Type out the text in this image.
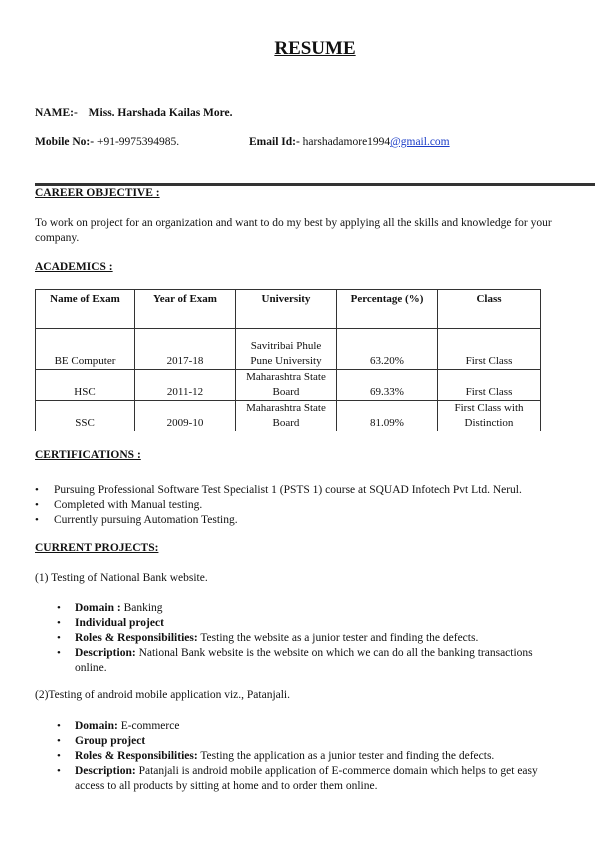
RESUME
NAME:- Miss. Harshada Kailas More.
Mobile No:- +91-9975394985.	Email Id:- harshadamore1994@gmail.com
CAREER OBJECTIVE :
To work on project for an organization and want to do my best by applying all the skills and knowledge for your company.
ACADEMICS :
Name of Exam	Year of Exam	University	Percentage (%)	Class
BE Computer	2017-18	Savitribai Phule Pune University	63.20%	First Class
HSC	2011-12	Maharashtra State Board	69.33%	First Class
SSC	2009-10	Maharashtra State Board	81.09%	First Class with Distinction
CERTIFICATIONS :
• Pursuing Professional Software Test Specialist 1 (PSTS 1) course at SQUAD Infotech Pvt Ltd. Nerul.
• Completed with Manual testing.
• Currently pursuing Automation Testing.
CURRENT PROJECTS:
(1) Testing of National Bank website.
• Domain : Banking
• Individual project
• Roles & Responsibilities: Testing the website as a junior tester and finding the defects.
• Description: National Bank website is the website on which we can do all the banking transactions online.
(2)Testing of android mobile application viz., Patanjali.
• Domain: E-commerce
• Group project
• Roles & Responsibilities: Testing the application as a junior tester and finding the defects.
• Description: Patanjali is android mobile application of E-commerce domain which helps to get easy access to all products by sitting at home and to order them online.
